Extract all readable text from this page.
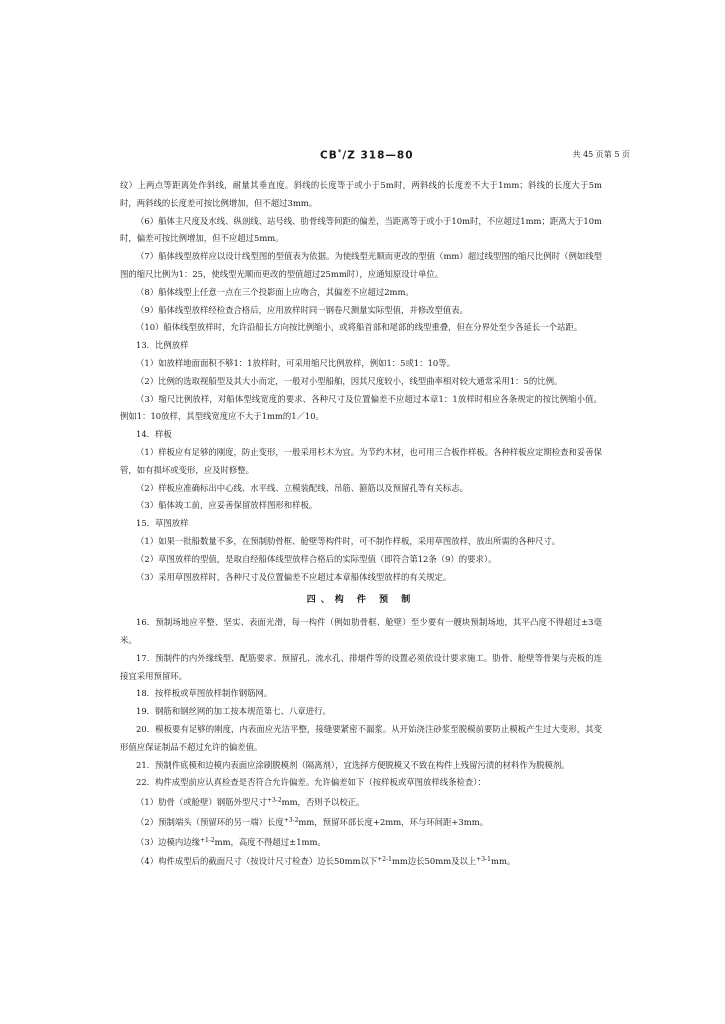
CB*/Z 318—80	共 45 页第 5 页

纹）上两点等距离处作斜线，耐量其垂直度。斜线的长度等于或小于5m时，两斜线的长度差不大于1mm；斜线的长度大于5m时，两斜线的长度差可按比例增加，但不超过3mm。

（6）船体主尺度及水线、纵剖线、站号线、肋骨线等间距的偏差，当距离等于或小于10m时，不应超过1mm；距离大于10m时，偏差可按比例增加，但不应超过5mm。

（7）船体线型放样应以设计线型图的型值表为依据。为使线型光顺而更改的型值（mm）超过线型图的缩尺比例时（例如线型图的缩尺比例为1：25，使线型光顺而更改的型值超过25mm时），应通知原设计单位。

（8）船体线型上任意一点在三个投影面上应吻合，其偏差不应超过2mm。

（9）船体线型放样经检查合格后，应用放样时同一钢卷尺测量实际型值，并修改型值表。

（10）船体线型放样时，允许沿船长方向按比例缩小，或将船首部和尾部的线型重叠，但在分界处至少各延长一个站距。

13．比例放样

（1）如放样地面面积不够1：1放样时，可采用缩尺比例放样，例如1：5或1：10等。

（2）比例的选取视船型及其大小而定，一般对小型船舶，因其尺度较小，线型曲率相对较大通常采用1：5的比例。

（3）缩尺比例放样，对船体型线宽度的要求、各种尺寸及位置偏差不应超过本章1：1放样时相应各条规定的按比例缩小值。例如1：10放样，其型线宽度应不大于1mm的1／10。

14．样板

（1）样板应有足够的刚度，防止变形，一般采用杉木为宜。为节约木材，也可用三合板作样板。各种样板应定期检查和妥善保管，如有损坏或变形，应及时修整。

（2）样板应准确标出中心线、水平线、立模装配线、吊筋、箍筋以及预留孔等有关标志。

（3）船体竣工前，应妥善保留放样图形和样板。

15．草图放样

（1）如果一批船数量不多，在预制肋骨框、舱壁等构件时，可不制作样板，采用草图放样，放出所需的各种尺寸。

（2）草图放样的型值，是取自经船体线型放样合格后的实际型值（即符合第12条（9）的要求）。

（3）采用草图放样时，各种尺寸及位置偏差不应超过本章船体线型放样的有关规定。

四、构 件 预 制

16．预制场地应平整、坚实、表面光滑，每一构件（例如肋骨框、舱壁）至少要有一艘块预制场地，其平凸度不得超过±3毫米。

17．预制件的内外缘线型、配筋要求、预留孔、流水孔、排烟件等的设置必须依设计要求施工。肋骨、舱壁等骨架与壳板的连接宜采用预留环。

18．按样板或草图放样制作钢筋网。

19．钢筋和钢丝网的加工按本规范第七、八章进行。

20．模板要有足够的刚度，内表面应光洁平整，接缝要紧密不漏浆。从开始浇注砂浆至脱模前要防止模板产生过大变形，其变形值应保证制品不超过允许的偏差值。

21．预制件底模和边模内表面应涂刷脱模剂（隔离剂），宜选择方便脱模又不致在构件上残留污渍的材料作为脱模剂。

22．构件成型前应认真检查是否符合允许偏差。允许偏差如下（按样板或草图放样线条检查）：

（1）肋骨（或舱壁）钢筋外型尺寸$^{+3-2}$mm，否则予以校正。

（2）预制端头（预留环的另一端）长度$^{+3-2}$mm，预留环部长度+2mm，环与环间距+3mm。

（3）边模内边缘$^{+1-2}$mm，高度不得超过±1mm。

（4）构件成型后的截面尺寸（按设计尺寸检查）边长50mm以下$^{+2-1}$mm边长50mm及以上$^{+3-1}$mm。
